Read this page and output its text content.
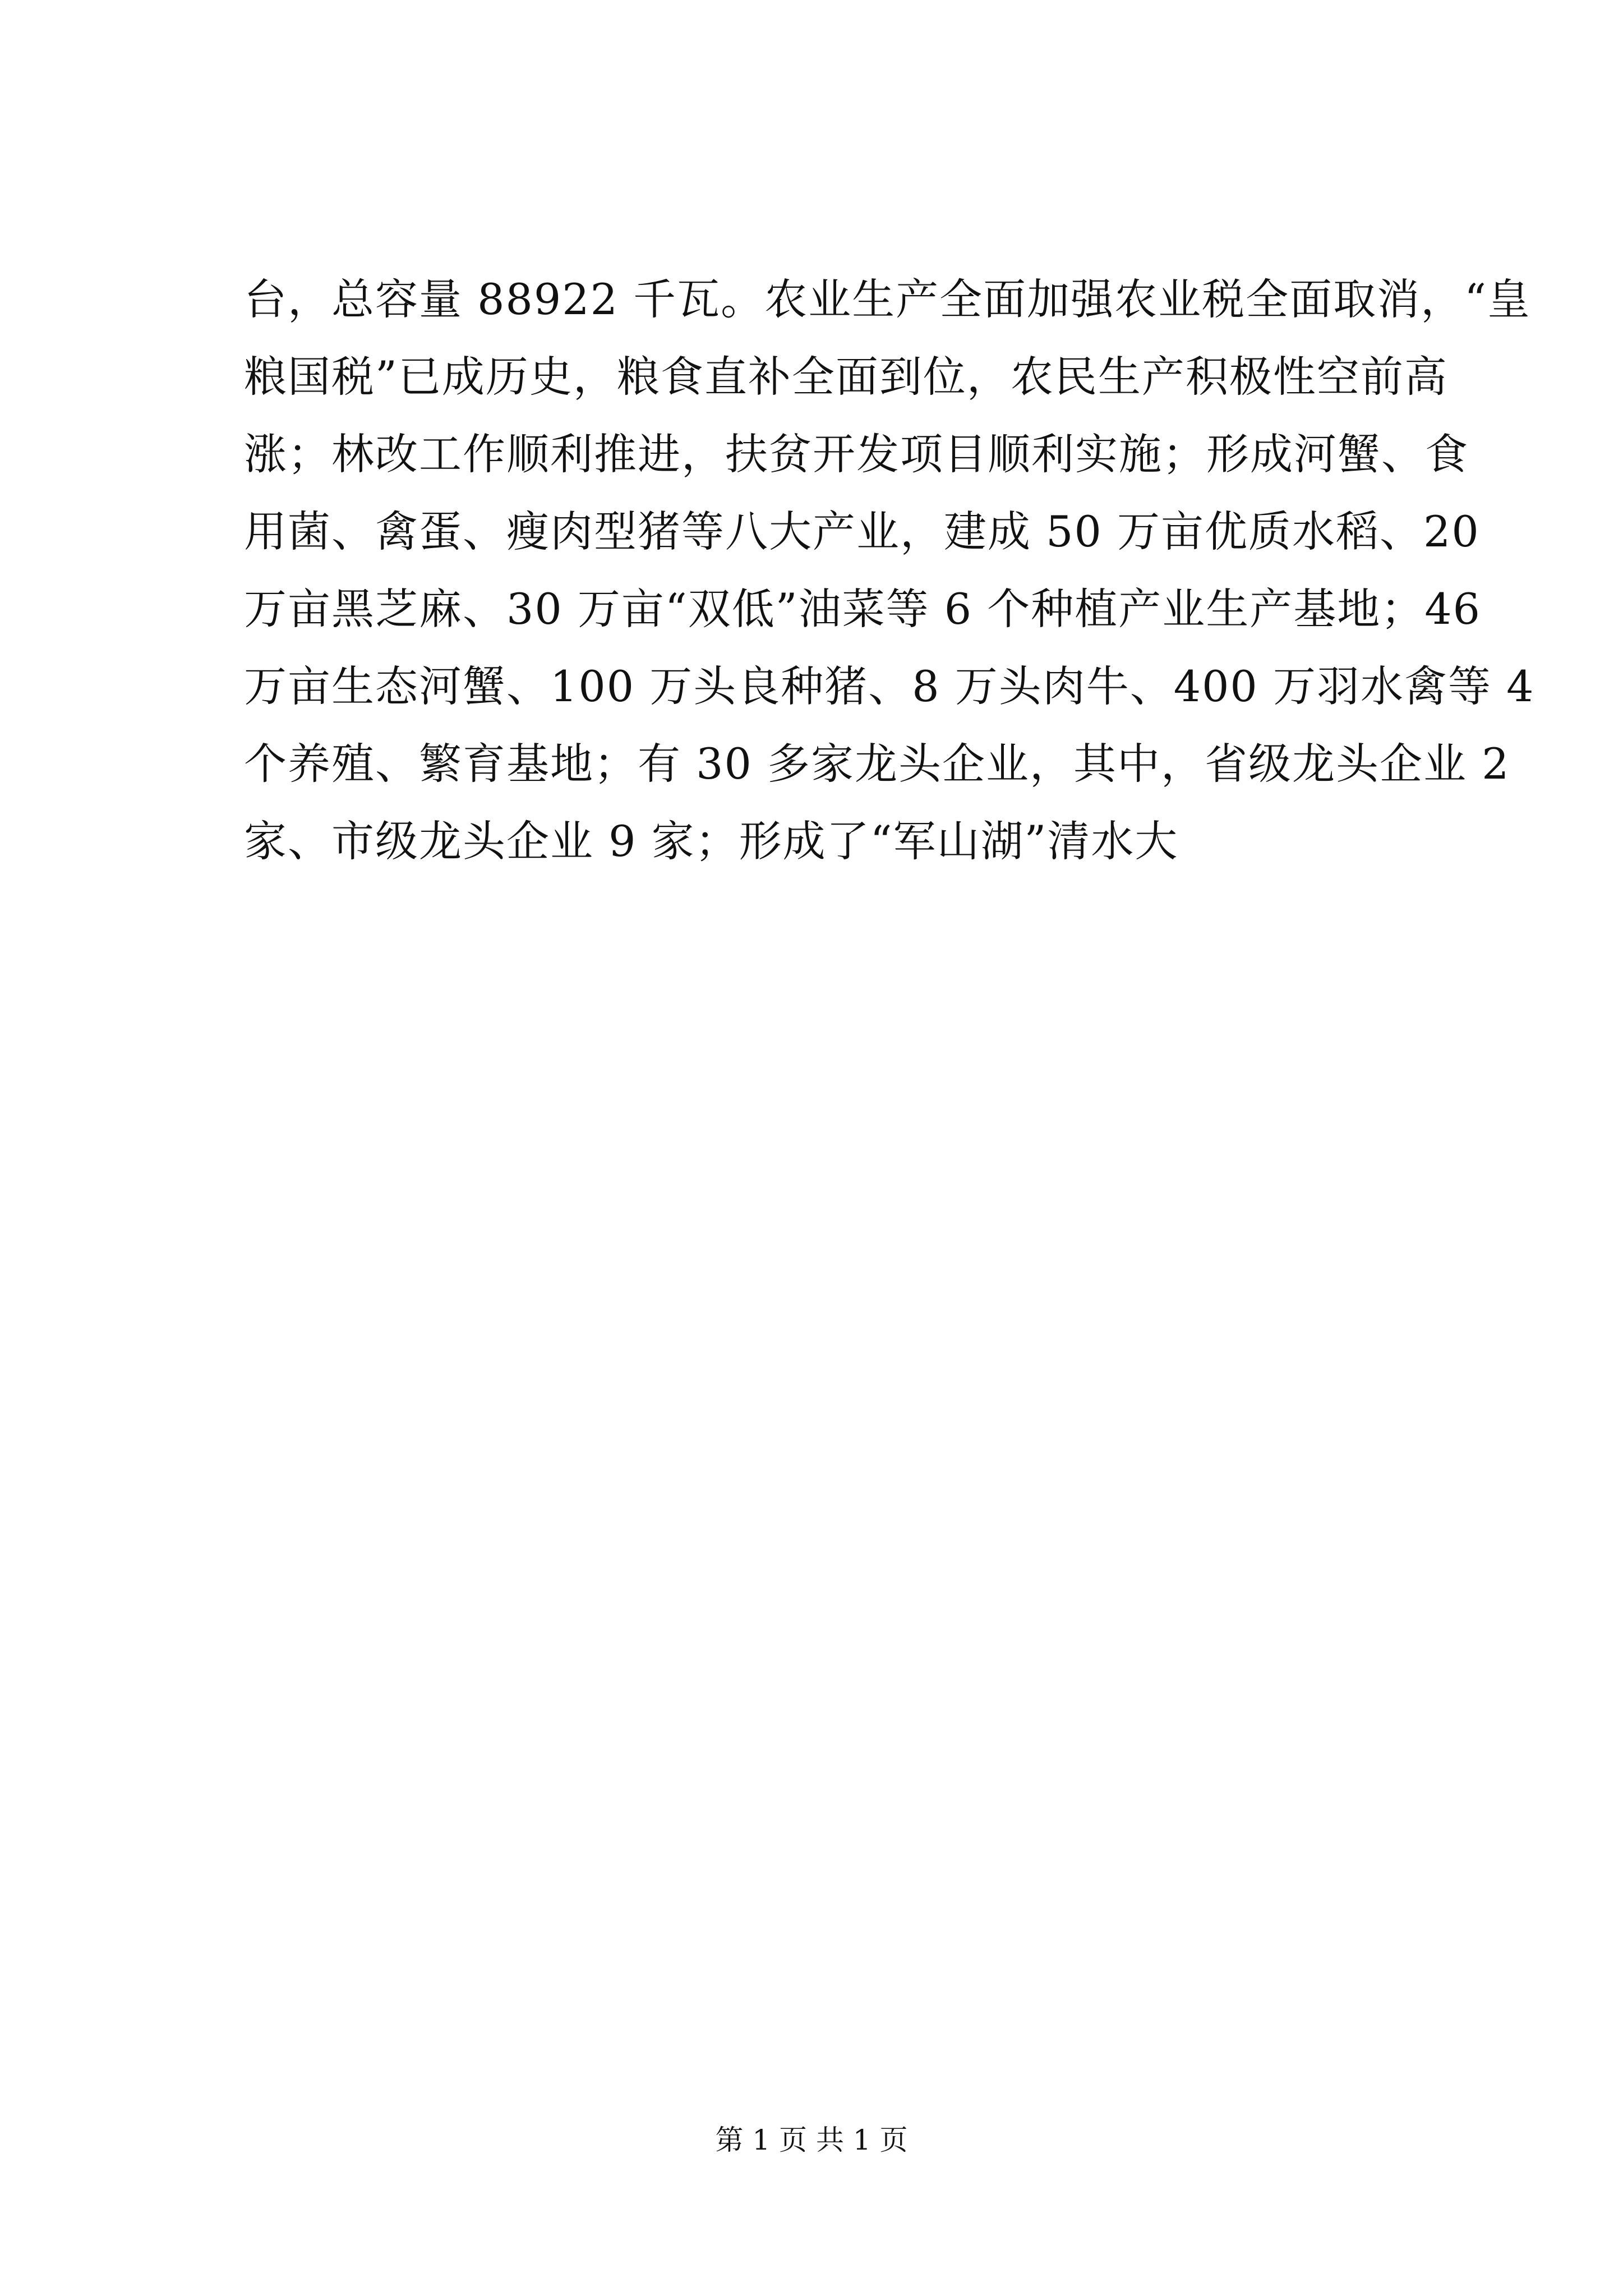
台，总容量 88922 千瓦。农业生产全面加强农业税全面取消，“皇
粮国税”已成历史，粮食直补全面到位，农民生产积极性空前高
涨；林改工作顺利推进，扶贫开发项目顺利实施；形成河蟹、食
用菌、禽蛋、瘦肉型猪等八大产业，建成 50 万亩优质水稻、20
万亩黑芝麻、30 万亩“双低”油菜等 6 个种植产业生产基地；46
万亩生态河蟹、100 万头良种猪、8 万头肉牛、400 万羽水禽等 4
个养殖、繁育基地；有 30 多家龙头企业，其中，省级龙头企业 2
家、市级龙头企业 9 家；形成了“军山湖”清水大
第 1 页 共 1 页
